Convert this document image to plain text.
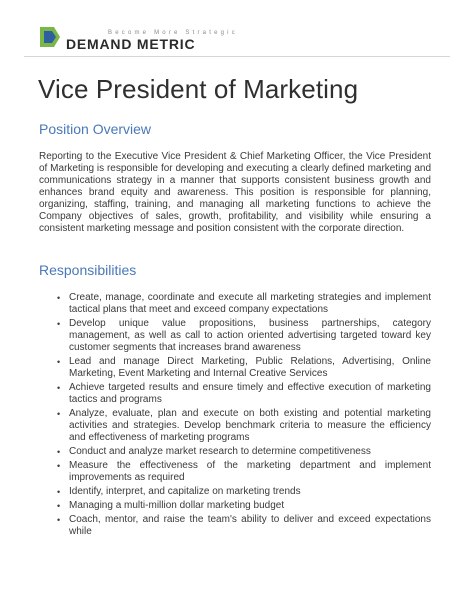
Become More Strategic
DEMAND METRIC
Vice President of Marketing
Position Overview
Reporting to the Executive Vice President & Chief Marketing Officer, the Vice President of Marketing is responsible for developing and executing a clearly defined marketing and communications strategy in a manner that supports consistent business growth and enhances brand equity and awareness. This position is responsible for planning, organizing, staffing, training, and managing all marketing functions to achieve the Company objectives of sales, growth, profitability, and visibility while ensuring a consistent marketing message and position consistent with the corporate direction.
Responsibilities
• Create, manage, coordinate and execute all marketing strategies and implement tactical plans that meet and exceed company expectations
• Develop unique value propositions, business partnerships, category management, as well as call to action oriented advertising targeted toward key customer segments that increases brand awareness
• Lead and manage Direct Marketing, Public Relations, Advertising, Online Marketing, Event Marketing and Internal Creative Services
• Achieve targeted results and ensure timely and effective execution of marketing tactics and programs
• Analyze, evaluate, plan and execute on both existing and potential marketing activities and strategies. Develop benchmark criteria to measure the efficiency and effectiveness of marketing programs
• Conduct and analyze market research to determine competitiveness
• Measure the effectiveness of the marketing department and implement improvements as required
• Identify, interpret, and capitalize on marketing trends
• Managing a multi-million dollar marketing budget
• Coach, mentor, and raise the team's ability to deliver and exceed expectations while
